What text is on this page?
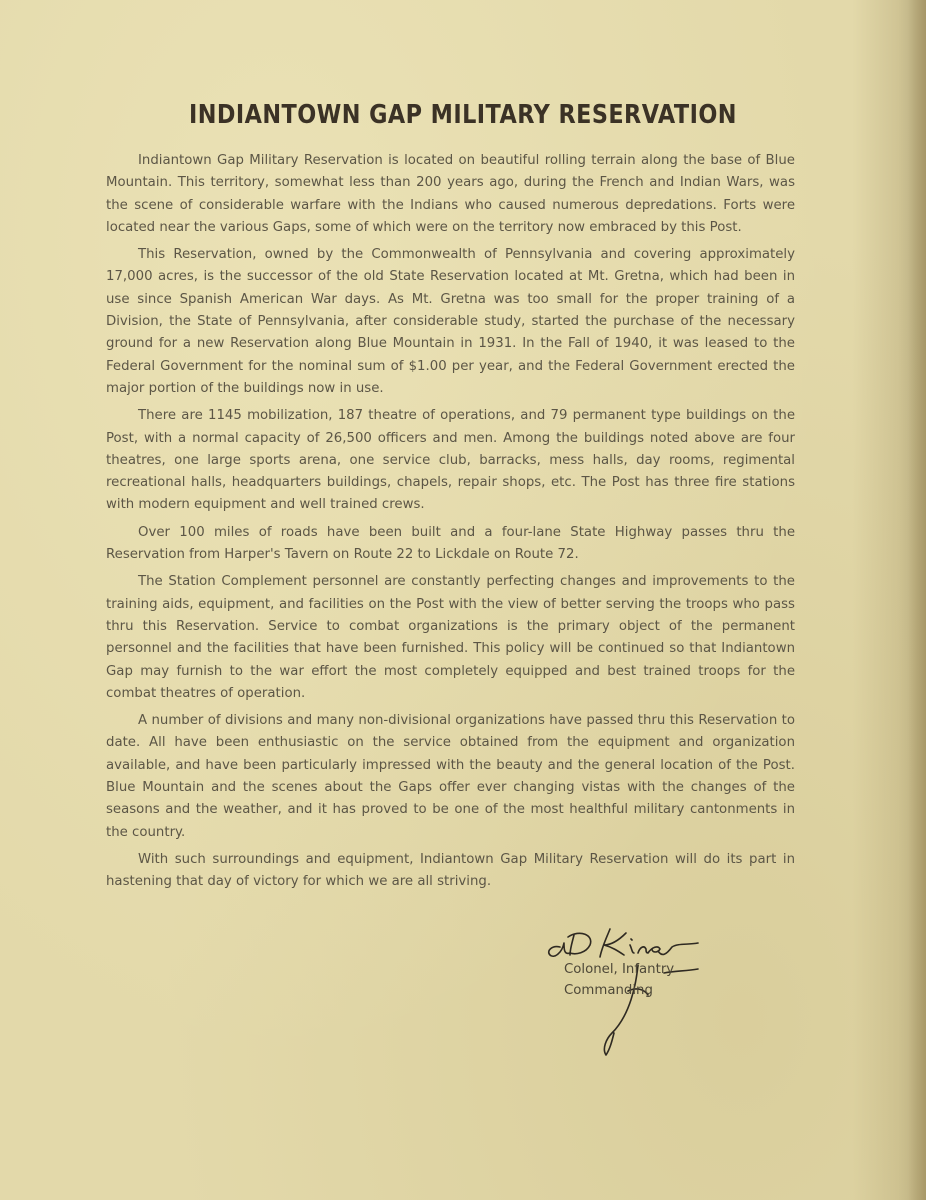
INDIANTOWN GAP MILITARY RESERVATION

Indiantown Gap Military Reservation is located on beautiful rolling terrain along the base of Blue Mountain. This territory, somewhat less than 200 years ago, during the French and Indian Wars, was the scene of considerable warfare with the Indians who caused numerous depredations. Forts were located near the various Gaps, some of which were on the territory now embraced by this Post.

This Reservation, owned by the Commonwealth of Pennsylvania and covering approximately 17,000 acres, is the successor of the old State Reservation located at Mt. Gretna, which had been in use since Spanish American War days. As Mt. Gretna was too small for the proper training of a Division, the State of Pennsylvania, after considerable study, started the purchase of the necessary ground for a new Reservation along Blue Mountain in 1931. In the Fall of 1940, it was leased to the Federal Government for the nominal sum of $1.00 per year, and the Federal Government erected the major portion of the buildings now in use.

There are 1145 mobilization, 187 theatre of operations, and 79 permanent type buildings on the Post, with a normal capacity of 26,500 officers and men. Among the buildings noted above are four theatres, one large sports arena, one service club, barracks, mess halls, day rooms, regimental recreational halls, headquarters buildings, chapels, repair shops, etc. The Post has three fire stations with modern equipment and well trained crews.

Over 100 miles of roads have been built and a four-lane State Highway passes thru the Reservation from Harper's Tavern on Route 22 to Lickdale on Route 72.

The Station Complement personnel are constantly perfecting changes and improvements to the training aids, equipment, and facilities on the Post with the view of better serving the troops who pass thru this Reservation. Service to combat organizations is the primary object of the permanent personnel and the facilities that have been furnished. This policy will be continued so that Indiantown Gap may furnish to the war effort the most completely equipped and best trained troops for the combat theatres of operation.

A number of divisions and many non-divisional organizations have passed thru this Reservation to date. All have been enthusiastic on the service obtained from the equipment and organization available, and have been particularly impressed with the beauty and the general location of the Post. Blue Mountain and the scenes about the Gaps offer ever changing vistas with the changes of the seasons and the weather, and it has proved to be one of the most healthful military cantonments in the country.

With such surroundings and equipment, Indiantown Gap Military Reservation will do its part in hastening that day of victory for which we are all striving.

Colonel, Infantry
Commanding
